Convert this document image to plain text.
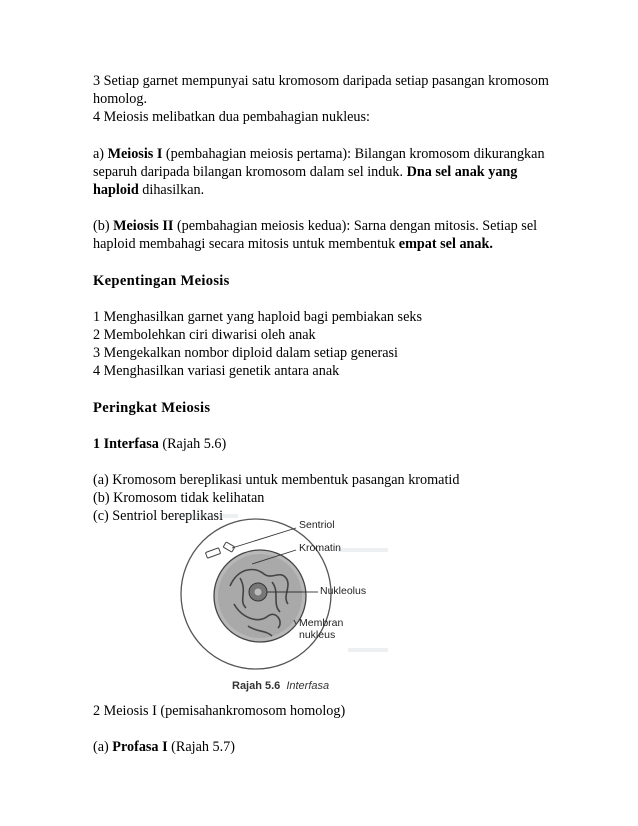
3 Setiap garnet mempunyai satu kromosom daripada setiap pasangan kromosom

homolog.

4 Meiosis melibatkan dua pembahagian nukleus:

a) Meiosis I (pembahagian meiosis pertama): Bilangan kromosom dikurangkan
separuh daripada bilangan kromosom dalam sel induk. Dna sel anak yang
haploid dihasilkan.

(b) Meiosis II (pembahagian meiosis kedua): Sarna dengan mitosis. Setiap sel
haploid membahagi secara mitosis untuk membentuk empat sel anak.

Kepentingan Meiosis

1 Menghasilkan garnet yang haploid bagi pembiakan seks

2 Membolehkan ciri diwarisi oleh anak

3 Mengekalkan nombor diploid dalam setiap generasi

4 Menghasilkan variasi genetik antara anak

Peringkat Meiosis

1 Interfasa (Rajah 5.6)

(a) Kromosom bereplikasi untuk membentuk pasangan kromatid

(b) Kromosom tidak kelihatan

(c) Sentriol bereplikasi

Sentriol
Kromatin
Nukleolus
Membran
nukleus
Rajah 5.6 Interfasa

2 Meiosis I (pemisahankromosom homolog)

(a) Profasa I (Rajah 5.7)
